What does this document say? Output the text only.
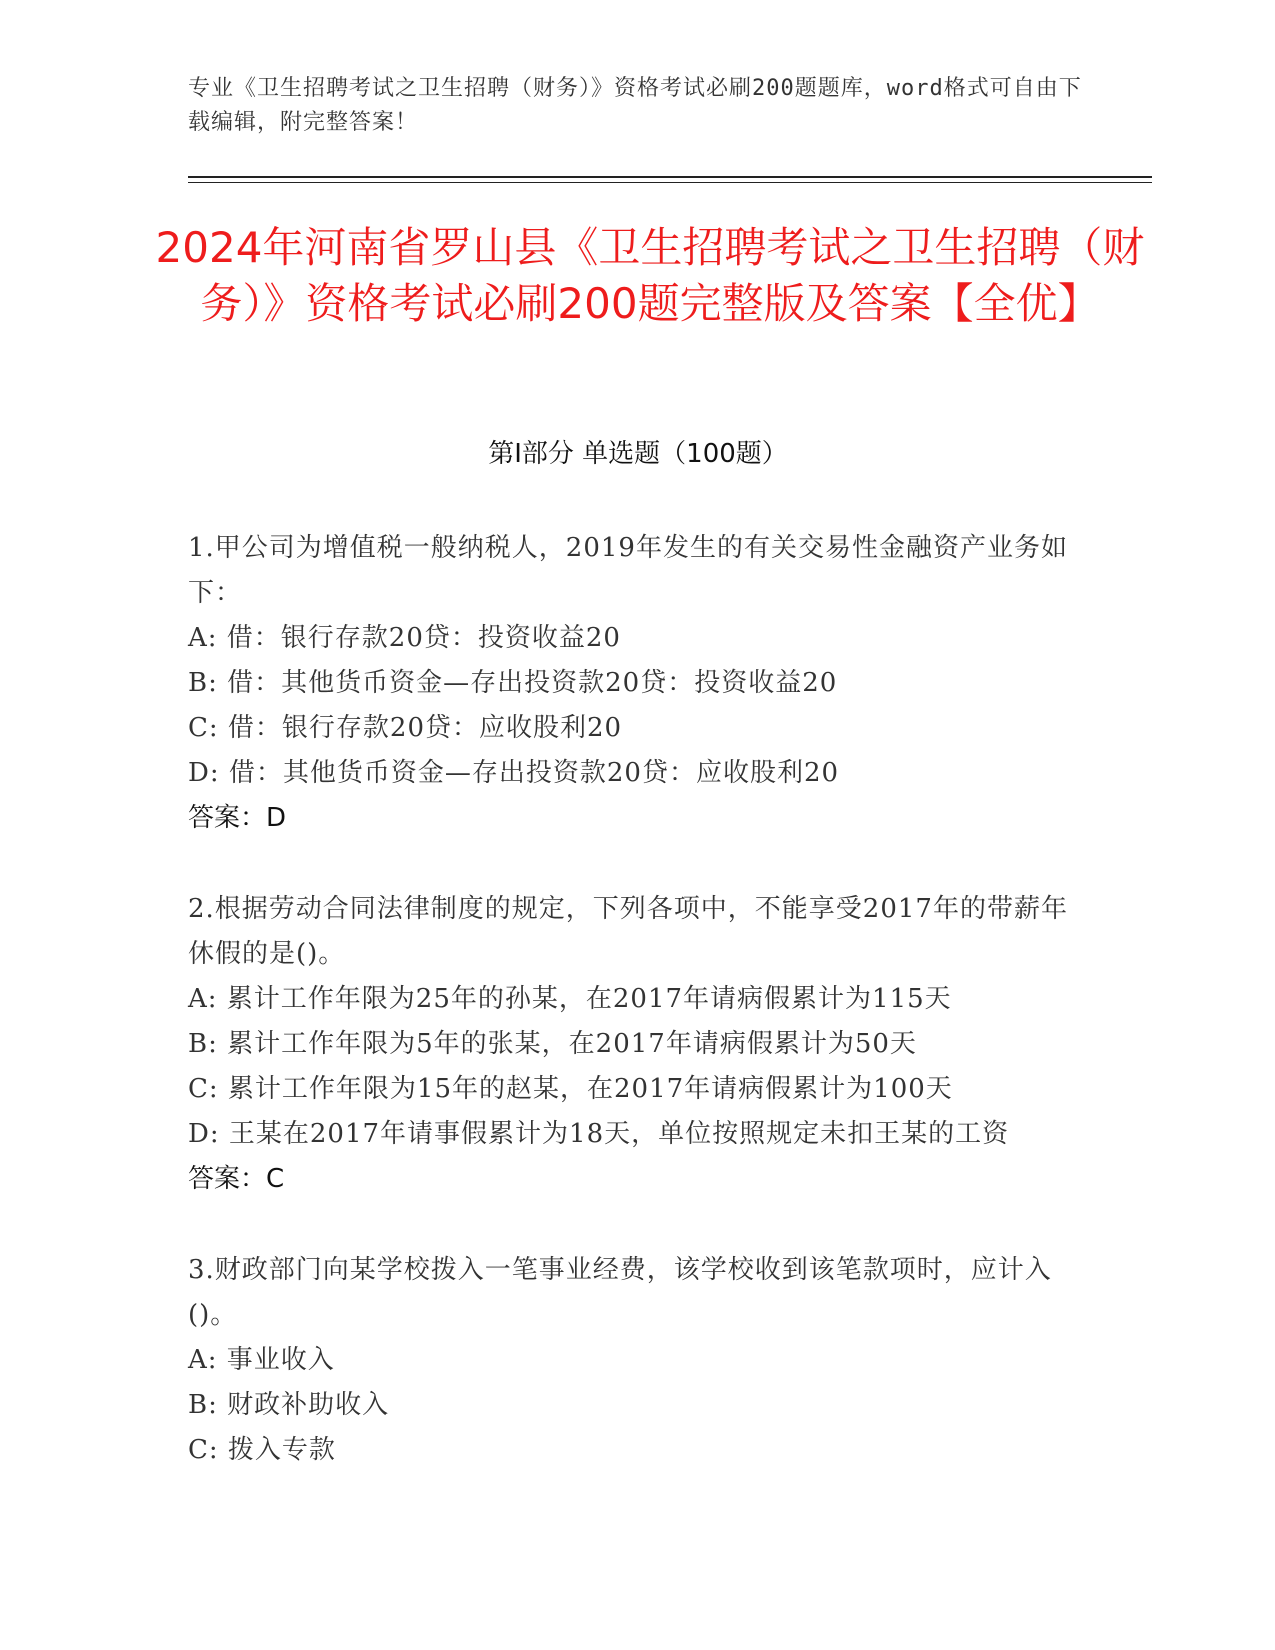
专业《卫生招聘考试之卫生招聘（财务）》资格考试必刷200题题库，word格式可自由下载编辑，附完整答案！
2024年河南省罗山县《卫生招聘考试之卫生招聘（财务）》资格考试必刷200题完整版及答案【全优】
第I部分 单选题（100题）
1.甲公司为增值税一般纳税人，2019年发生的有关交易性金融资产业务如下：
A: 借：银行存款20贷：投资收益20
B: 借：其他货币资金—存出投资款20贷：投资收益20
C: 借：银行存款20贷：应收股利20
D: 借：其他货币资金—存出投资款20贷：应收股利20
答案：D
2.根据劳动合同法律制度的规定，下列各项中，不能享受2017年的带薪年休假的是()。
A: 累计工作年限为25年的孙某，在2017年请病假累计为115天
B: 累计工作年限为5年的张某，在2017年请病假累计为50天
C: 累计工作年限为15年的赵某，在2017年请病假累计为100天
D: 王某在2017年请事假累计为18天，单位按照规定未扣王某的工资
答案：C
3.财政部门向某学校拨入一笔事业经费，该学校收到该笔款项时，应计入()。
A: 事业收入
B: 财政补助收入
C: 拨入专款
